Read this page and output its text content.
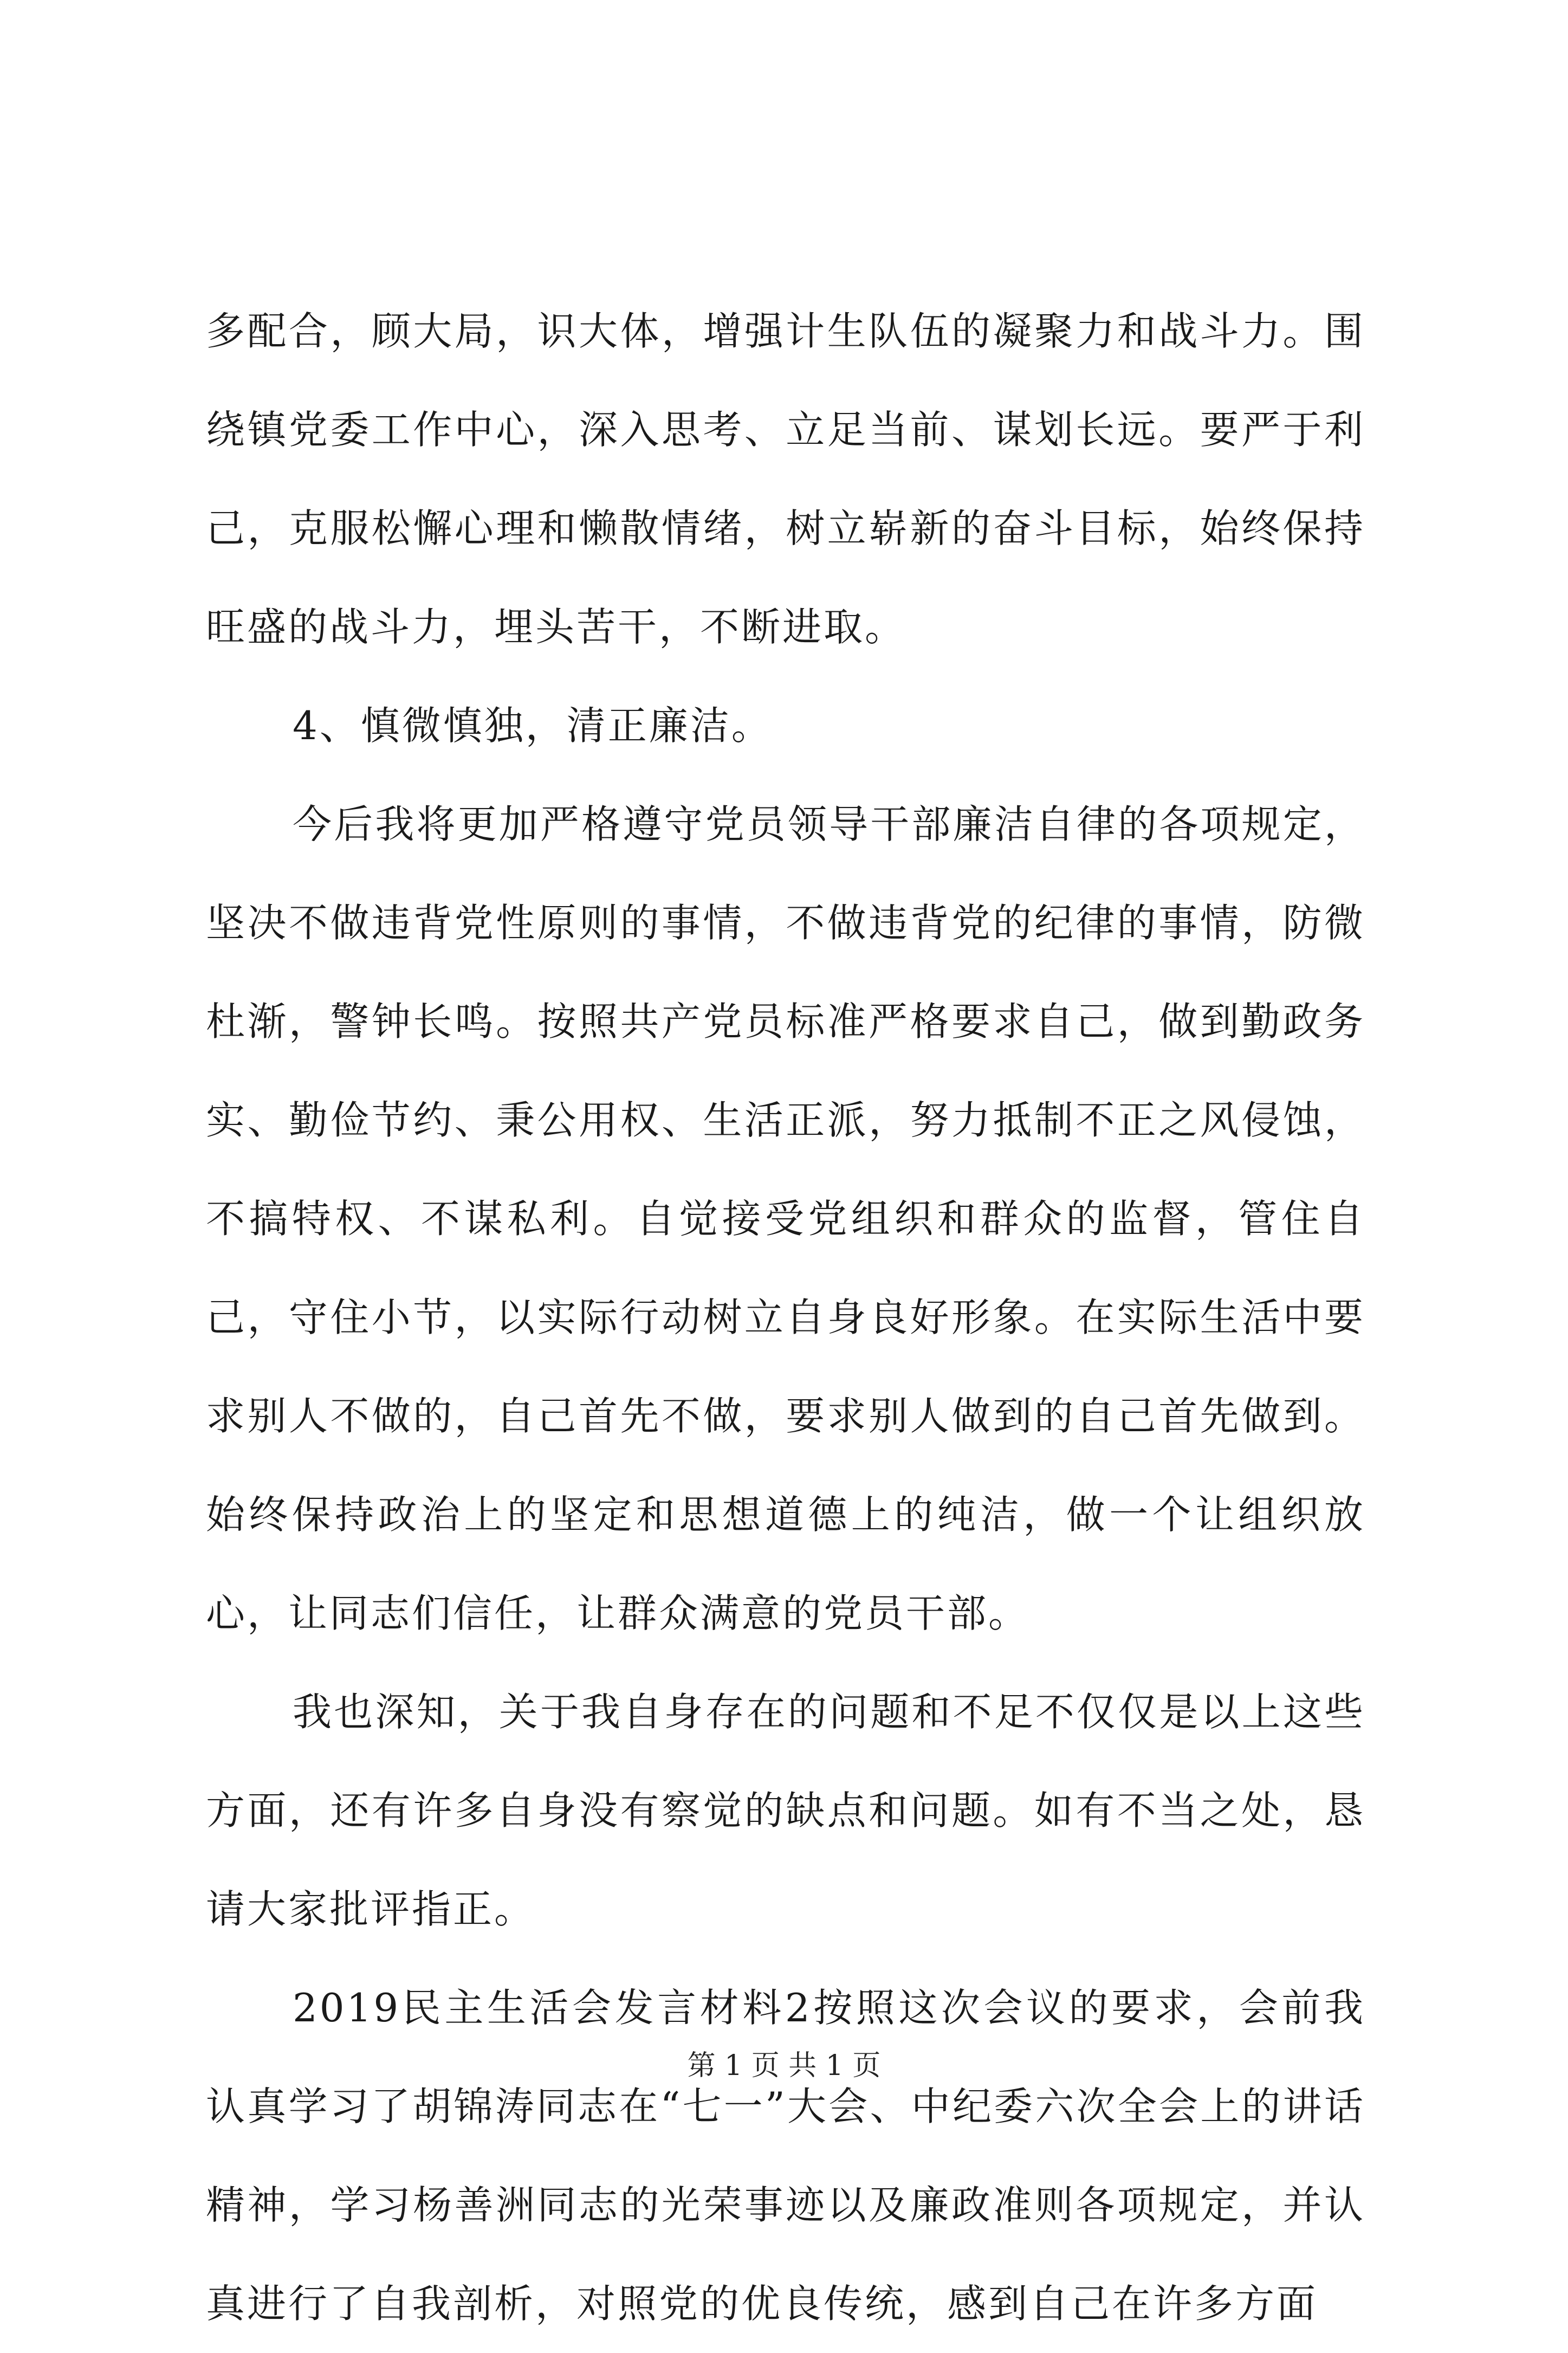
多配合，顾大局，识大体，增强计生队伍的凝聚力和战斗力。围绕镇党委工作中心，深入思考、立足当前、谋划长远。要严于利己，克服松懈心理和懒散情绪，树立崭新的奋斗目标，始终保持旺盛的战斗力，埋头苦干，不断进取。

4、慎微慎独，清正廉洁。

今后我将更加严格遵守党员领导干部廉洁自律的各项规定，坚决不做违背党性原则的事情，不做违背党的纪律的事情，防微杜渐，警钟长鸣。按照共产党员标准严格要求自己，做到勤政务实、勤俭节约、秉公用权、生活正派，努力抵制不正之风侵蚀，不搞特权、不谋私利。自觉接受党组织和群众的监督，管住自己，守住小节，以实际行动树立自身良好形象。在实际生活中要求别人不做的，自己首先不做，要求别人做到的自己首先做到。始终保持政治上的坚定和思想道德上的纯洁，做一个让组织放心，让同志们信任，让群众满意的党员干部。

我也深知，关于我自身存在的问题和不足不仅仅是以上这些方面，还有许多自身没有察觉的缺点和问题。如有不当之处，恳请大家批评指正。

2019民主生活会发言材料2按照这次会议的要求，会前我认真学习了胡锦涛同志在“七一”大会、中纪委六次全会上的讲话精神，学习杨善洲同志的光荣事迹以及廉政准则各项规定，并认真进行了自我剖析，对照党的优良传统，感到自己在许多方面

第 1 页 共 1 页
